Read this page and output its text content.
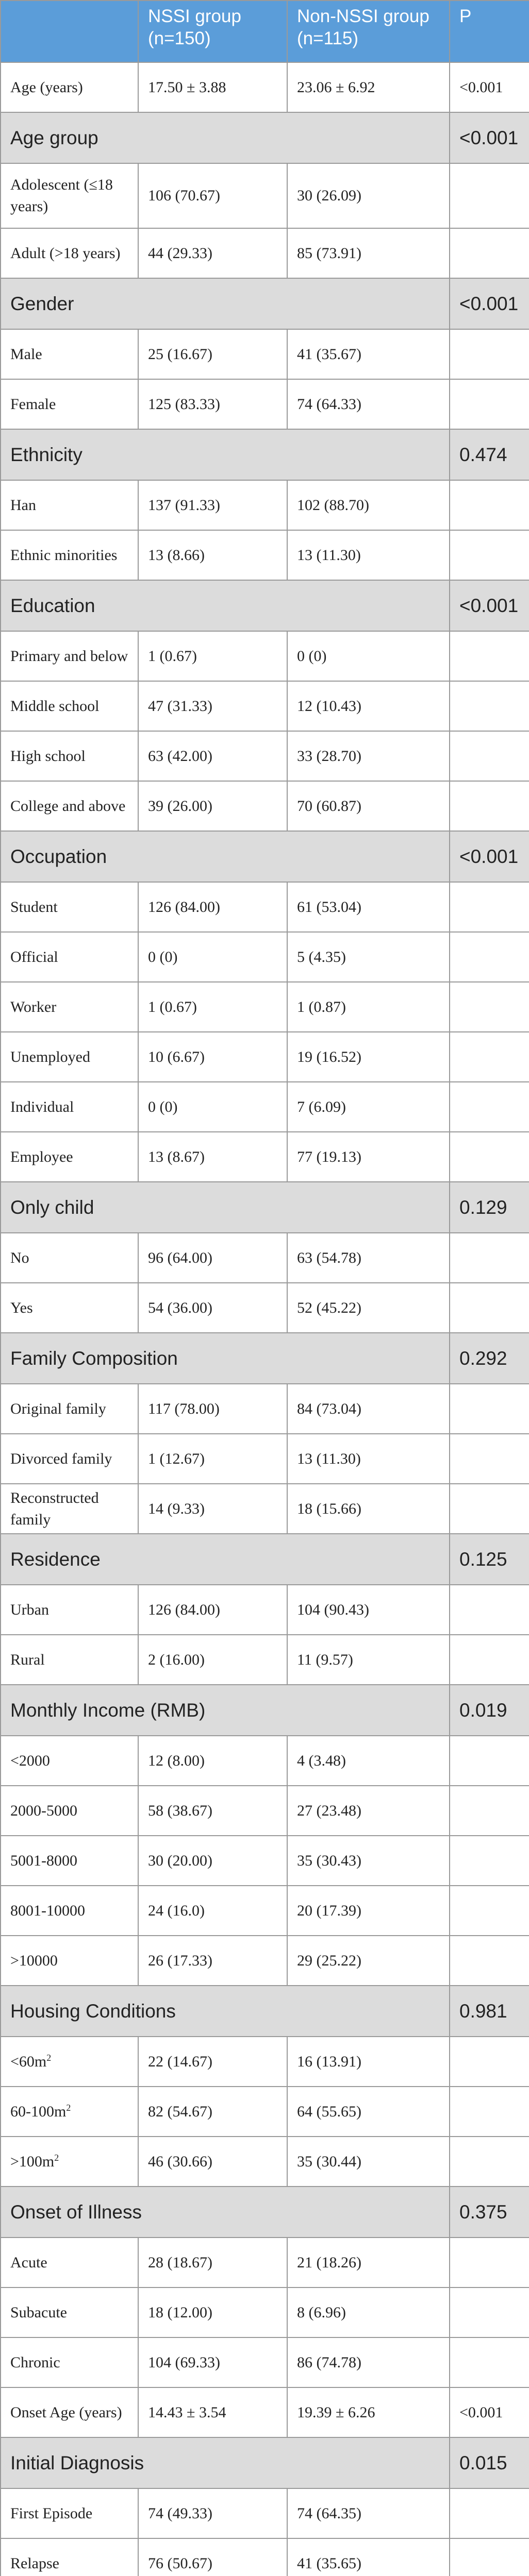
	NSSI group (n=150)	Non-NSSI group (n=115)	P
Age (years)	17.50 ± 3.88	23.06 ± 6.92	<0.001
Age group			<0.001
Adolescent (≤18 years)	106 (70.67)	30 (26.09)	
Adult (>18 years)	44 (29.33)	85 (73.91)	
Gender			<0.001
Male	25 (16.67)	41 (35.67)	
Female	125 (83.33)	74 (64.33)	
Ethnicity			0.474
Han	137 (91.33)	102 (88.70)	
Ethnic minorities	13 (8.66)	13 (11.30)	
Education			<0.001
Primary and below	1 (0.67)	0 (0)	
Middle school	47 (31.33)	12 (10.43)	
High school	63 (42.00)	33 (28.70)	
College and above	39 (26.00)	70 (60.87)	
Occupation			<0.001
Student	126 (84.00)	61 (53.04)	
Official	0 (0)	5 (4.35)	
Worker	1 (0.67)	1 (0.87)	
Unemployed	10 (6.67)	19 (16.52)	
Individual	0 (0)	7 (6.09)	
Employee	13 (8.67)	77 (19.13)	
Only child			0.129
No	96 (64.00)	63 (54.78)	
Yes	54 (36.00)	52 (45.22)	
Family Composition			0.292
Original family	117 (78.00)	84 (73.04)	
Divorced family	1 (12.67)	13 (11.30)	
Reconstructed family	14 (9.33)	18 (15.66)	
Residence			0.125
Urban	126 (84.00)	104 (90.43)	
Rural	2 (16.00)	11 (9.57)	
Monthly Income (RMB)			0.019
<2000	12 (8.00)	4 (3.48)	
2000-5000	58 (38.67)	27 (23.48)	
5001-8000	30 (20.00)	35 (30.43)	
8001-10000	24 (16.0)	20 (17.39)	
>10000	26 (17.33)	29 (25.22)	
Housing Conditions			0.981
$<60m^2$	22 (14.67)	16 (13.91)	
$60-100m^2$	82 (54.67)	64 (55.65)	
$>100m^2$	46 (30.66)	35 (30.44)	
Onset of Illness			0.375
Acute	28 (18.67)	21 (18.26)	
Subacute	18 (12.00)	8 (6.96)	
Chronic	104 (69.33)	86 (74.78)	
Onset Age (years)	14.43 ± 3.54	19.39 ± 6.26	<0.001
Initial Diagnosis			0.015
First Episode	74 (49.33)	74 (64.35)	
Relapse	76 (50.67)	41 (35.65)	
